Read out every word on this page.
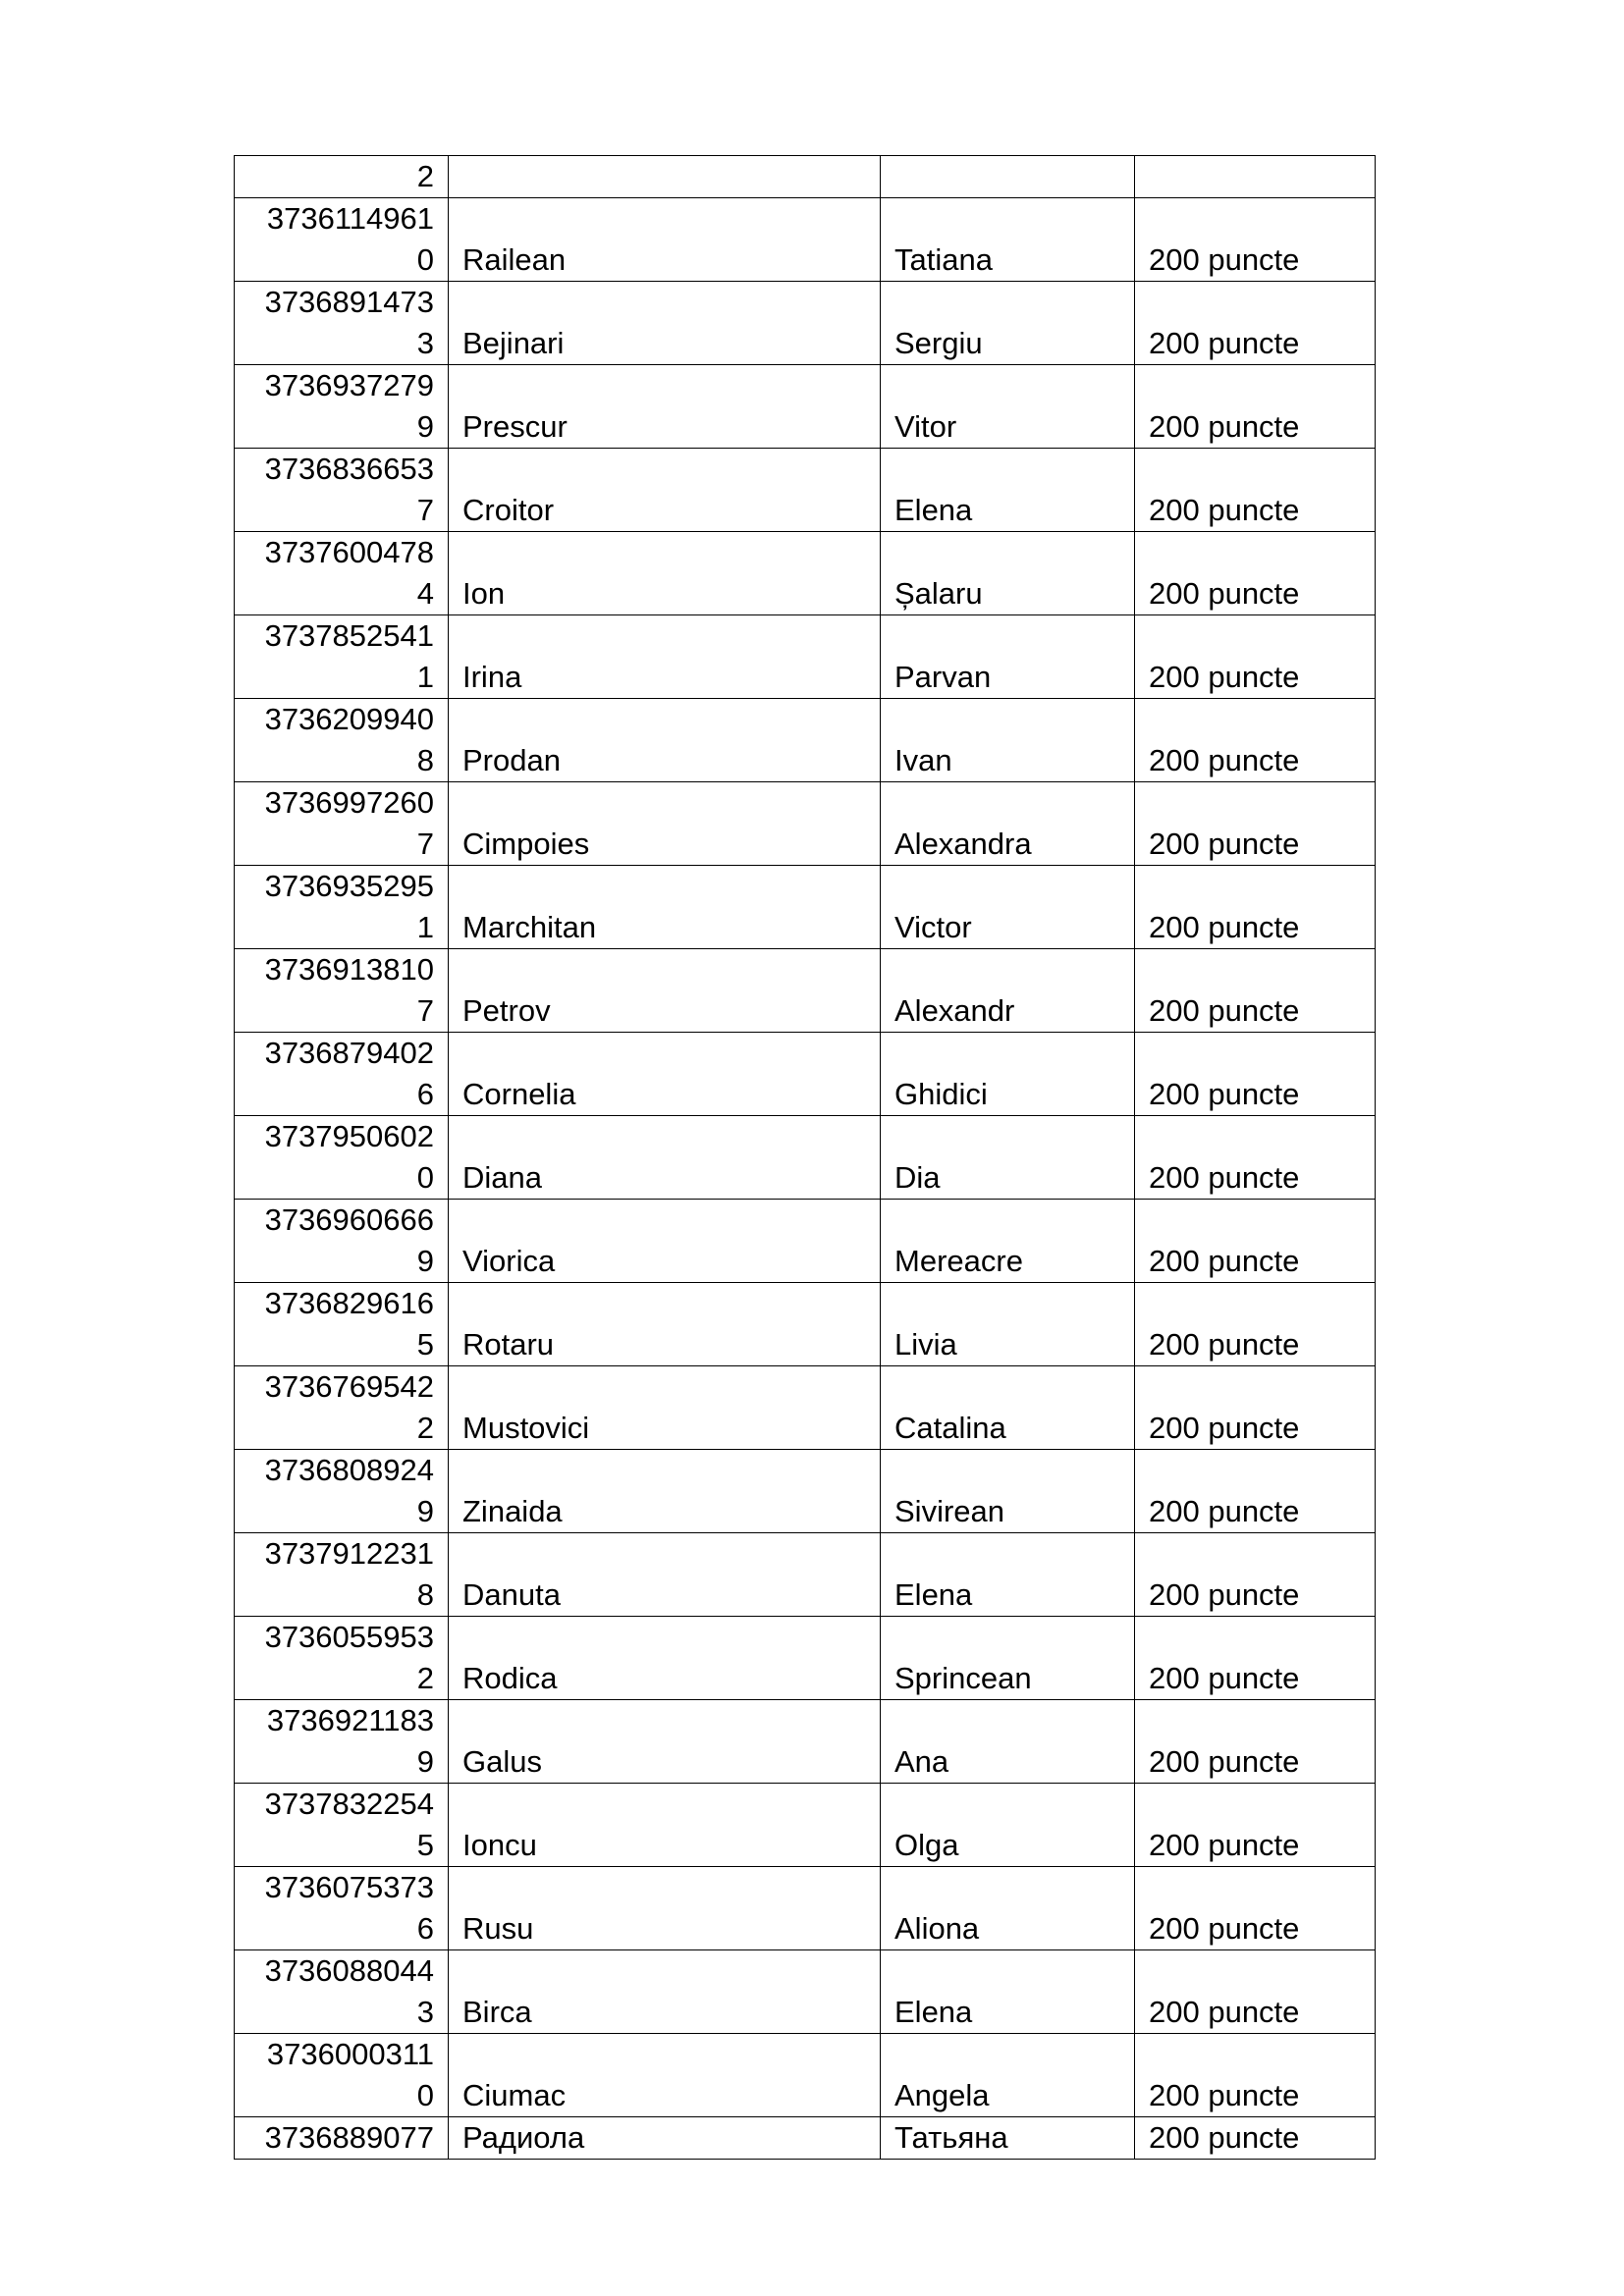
2			
3736114961
0	Railean	Tatiana	200 puncte
3736891473
3	Bejinari	Sergiu	200 puncte
3736937279
9	Prescur	Vitor	200 puncte
3736836653
7	Croitor	Elena	200 puncte
3737600478
4	Ion	Șalaru	200 puncte
3737852541
1	Irina	Parvan	200 puncte
3736209940
8	Prodan	Ivan	200 puncte
3736997260
7	Cimpoies	Alexandra	200 puncte
3736935295
1	Marchitan	Victor	200 puncte
3736913810
7	Petrov	Alexandr	200 puncte
3736879402
6	Cornelia	Ghidici	200 puncte
3737950602
0	Diana	Dia	200 puncte
3736960666
9	Viorica	Mereacre	200 puncte
3736829616
5	Rotaru	Livia	200 puncte
3736769542
2	Mustovici	Catalina	200 puncte
3736808924
9	Zinaida	Sivirean	200 puncte
3737912231
8	Danuta	Elena	200 puncte
3736055953
2	Rodica	Sprincean	200 puncte
3736921183
9	Galus	Ana	200 puncte
3737832254
5	Ioncu	Olga	200 puncte
3736075373
6	Rusu	Aliona	200 puncte
3736088044
3	Birca	Elena	200 puncte
3736000311
0	Ciumac	Angela	200 puncte
3736889077	Радиола	Татьяна	200 puncte
